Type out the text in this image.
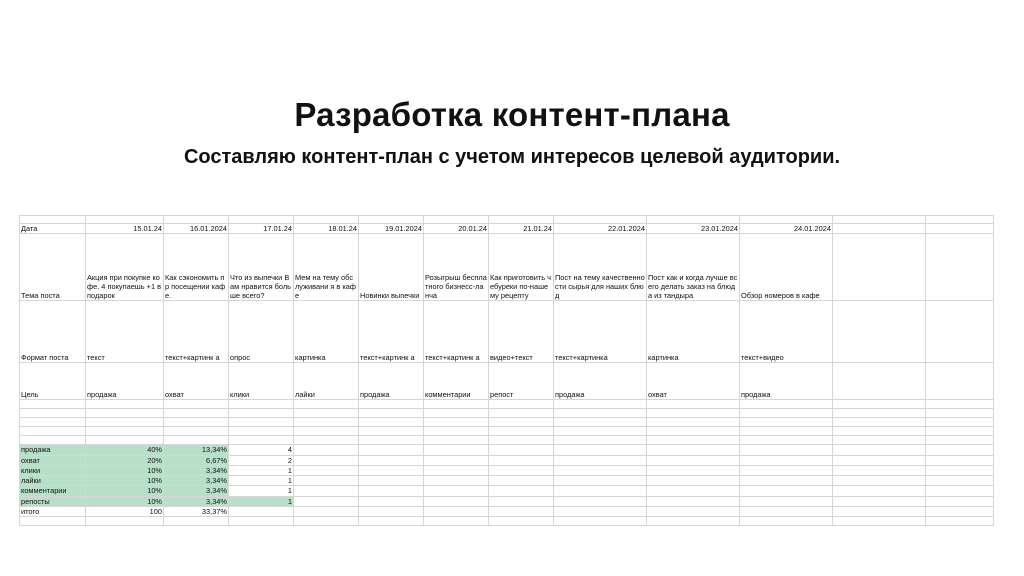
Разработка контент-плана
Составляю контент-план с учетом интересов целевой аудитории.

Дата	15.01.24	16.01.2024	17.01.24	18.01.24	19.01.2024	20.01.24	21.01.24	22.01.2024	23.01.2024	24.01.2024		
Тема поста	Акция при покупке кофе. 4 покупаешь +1 в подарок	Как сэкономить пр посещении кафе.	Что из выпечки Вам нравится больше всего?	Мем на тему обслуживани я в кафе	Новинки выпечки	Розыгрыш бесплатного бизнесс-ланча	Как приготовить чебуреки по-нашему рецепту	Пост на тему качественности сырья для наших блюд	Пост как и когда лучше всего делать заказ на блюда из тандыра	Обзор номеров в кафе		
Формат поста	текст	текст+картинк а	опрос	картинка	текст+картинк а	текст+картинк а	видео+текст	текст+картинка	картинка	текст+видео		
Цель	продажа	охват	клики	лайки	продажа	комментарии	репост	продажа	охват	продажа		

продажа	40%	13,34%	4									
охват	20%	6,67%	2									
клики	10%	3,34%	1									
лайки	10%	3,34%	1									
комментарии	10%	3,34%	1									
репосты	10%	3,34%	1									
итого	100	33,37%										
